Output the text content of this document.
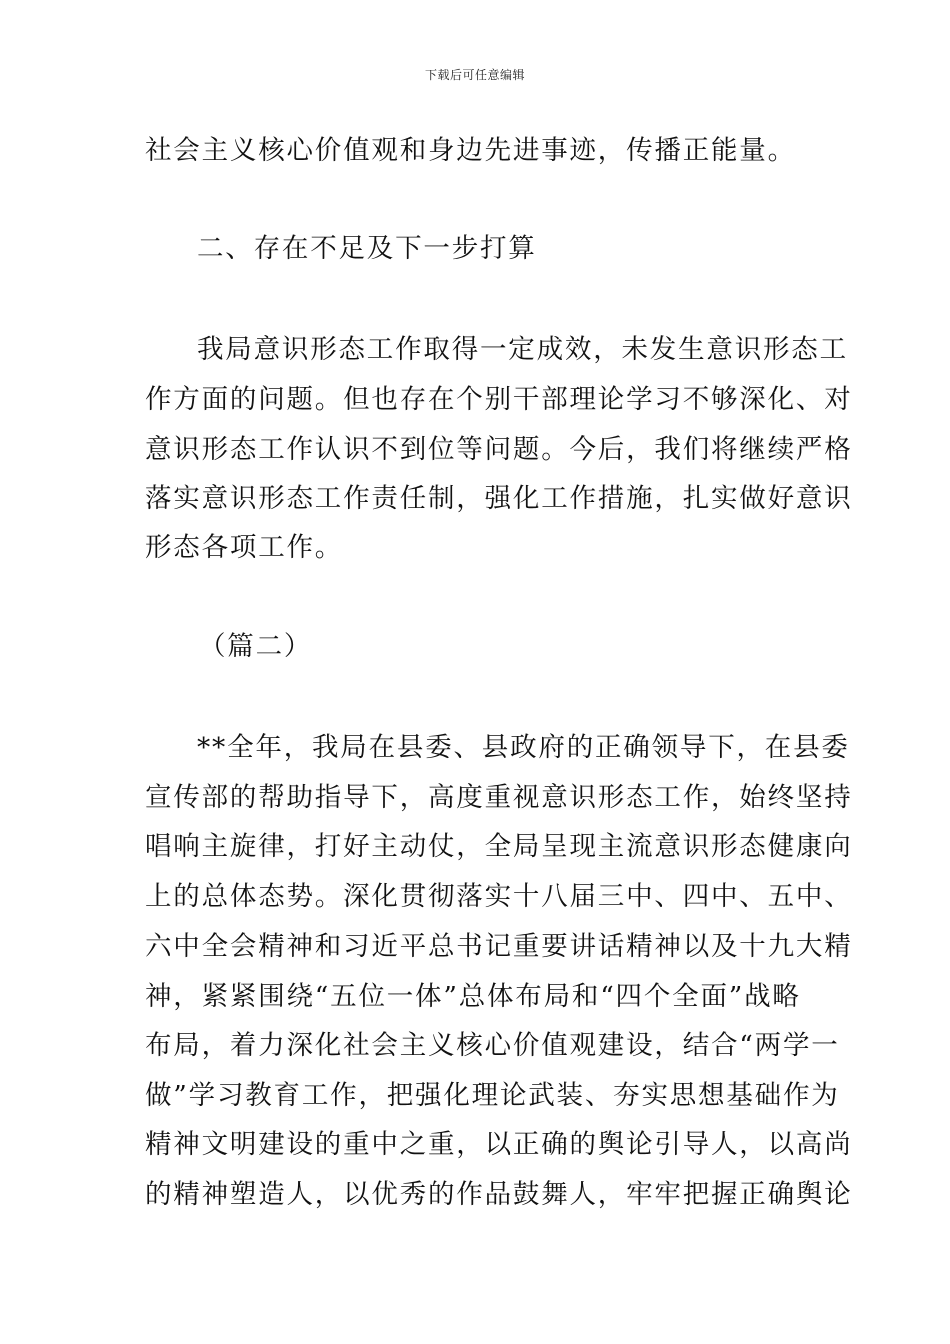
下载后可任意编辑
社会主义核心价值观和身边先进事迹，传播正能量。
二、存在不足及下一步打算
我局意识形态工作取得一定成效，未发生意识形态工
作方面的问题。但也存在个别干部理论学习不够深化、对
意识形态工作认识不到位等问题。今后，我们将继续严格
落实意识形态工作责任制，强化工作措施，扎实做好意识
形态各项工作。
（篇二）
**全年，我局在县委、县政府的正确领导下，在县委
宣传部的帮助指导下，高度重视意识形态工作，始终坚持
唱响主旋律，打好主动仗，全局呈现主流意识形态健康向
上的总体态势。深化贯彻落实十八届三中、四中、五中、
六中全会精神和习近平总书记重要讲话精神以及十九大精
神，紧紧围绕“五位一体”总体布局和“四个全面”战略
布局，着力深化社会主义核心价值观建设，结合“两学一
做”学习教育工作，把强化理论武装、夯实思想基础作为
精神文明建设的重中之重，以正确的舆论引导人，以高尚
的精神塑造人，以优秀的作品鼓舞人，牢牢把握正确舆论
